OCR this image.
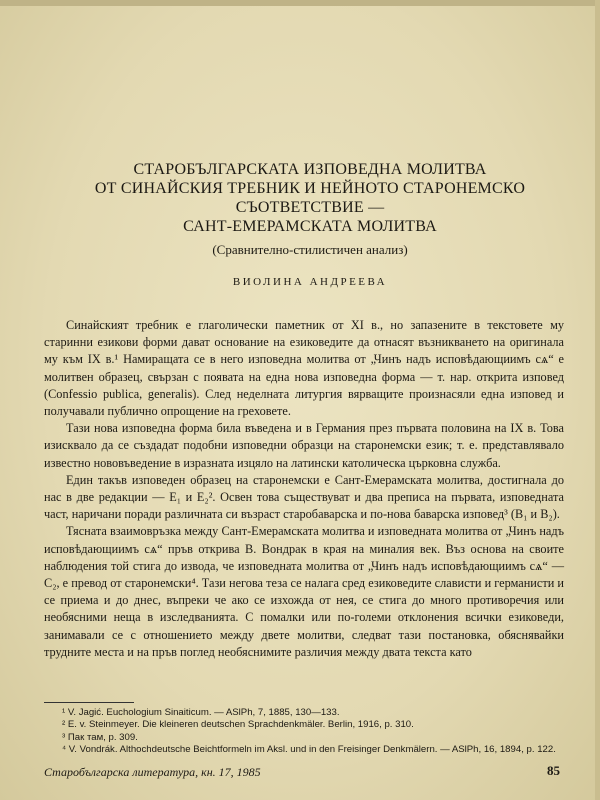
СТАРОБЪЛГАРСКАТА ИЗПОВЕДНА МОЛИТВА
ОТ СИНАЙСКИЯ ТРЕБНИК И НЕЙНОТО СТАРОНЕМСКО
СЪОТВЕТСТВИЕ —
САНТ-ЕМЕРАМСКАТА МОЛИТВА
(Сравнително-стилистичен анализ)
ВИОЛИНА АНДРЕЕВА

Синайският требник е глаголически паметник от XI в., но запазените в текстовете му старинни езикови форми дават основание на езиковедите да отнасят възникването на оригинала му към IX в.¹ Намиращата се в него изповедна молитва от „Чинъ надъ исповѣдающиимъ сѧ“ е молитвен образец, свързан с появата на една нова изповедна форма — т. нар. открита изповед (Confessio publica, generalis). След неделната литургия вярващите произнасяли една изповед и получавали публично опрощение на греховете.

Тази нова изповедна форма била въведена и в Германия през първата половина на IX в. Това изисквало да се създадат подобни изповедни образци на старонемски език; т. е. представлявало известно нововъведение в изразната изцяло на латински католическа църковна служба.

Един такъв изповеден образец на старонемски е Сант-Емерамската молитва, достигнала до нас в две редакции — E₁ и E₂². Освен това съществуват и два преписа на първата, изповедната част, наричани поради различната си възраст старобаварска и по-нова баварска изповед³ (B₁ и B₂).

Тясната взаимовръзка между Сант-Емерамската молитва и изповедната молитва от „Чинъ надъ исповѣдающиимъ сѧ“ пръв открива В. Вондрак в края на миналия век. Въз основа на своите наблюдения той стига до извода, че изповедната молитва от „Чинъ надъ исповѣдающиимъ сѧ“ — C₂, е превод от старонемски⁴. Тази негова теза се налага сред езиковедите слависти и германисти и се приема и до днес, въпреки че ако се изхожда от нея, се стига до много противоречия или необясними неща в изследванията. С помалки или по-големи отклонения всички езиковеди, занимавали се с отношението между двете молитви, следват тази постановка, обяснявайки трудните места и на пръв поглед необяснимите различия между двата текста като

¹ V. Jagić. Euchologium Sinaiticum. — ASlPh, 7, 1885, 130—133.

² E. v. Steinmeyer. Die kleineren deutschen Sprachdenkmäler. Berlin, 1916, p. 310.

³ Пак там, p. 309.

⁴ V. Vondrák. Althochdeutsche Beichtformeln im Aksl. und in den Freisinger Denkmälern. — ASlPh, 16, 1894, p. 122.

Старобългарска литература, кн. 17, 1985	85
